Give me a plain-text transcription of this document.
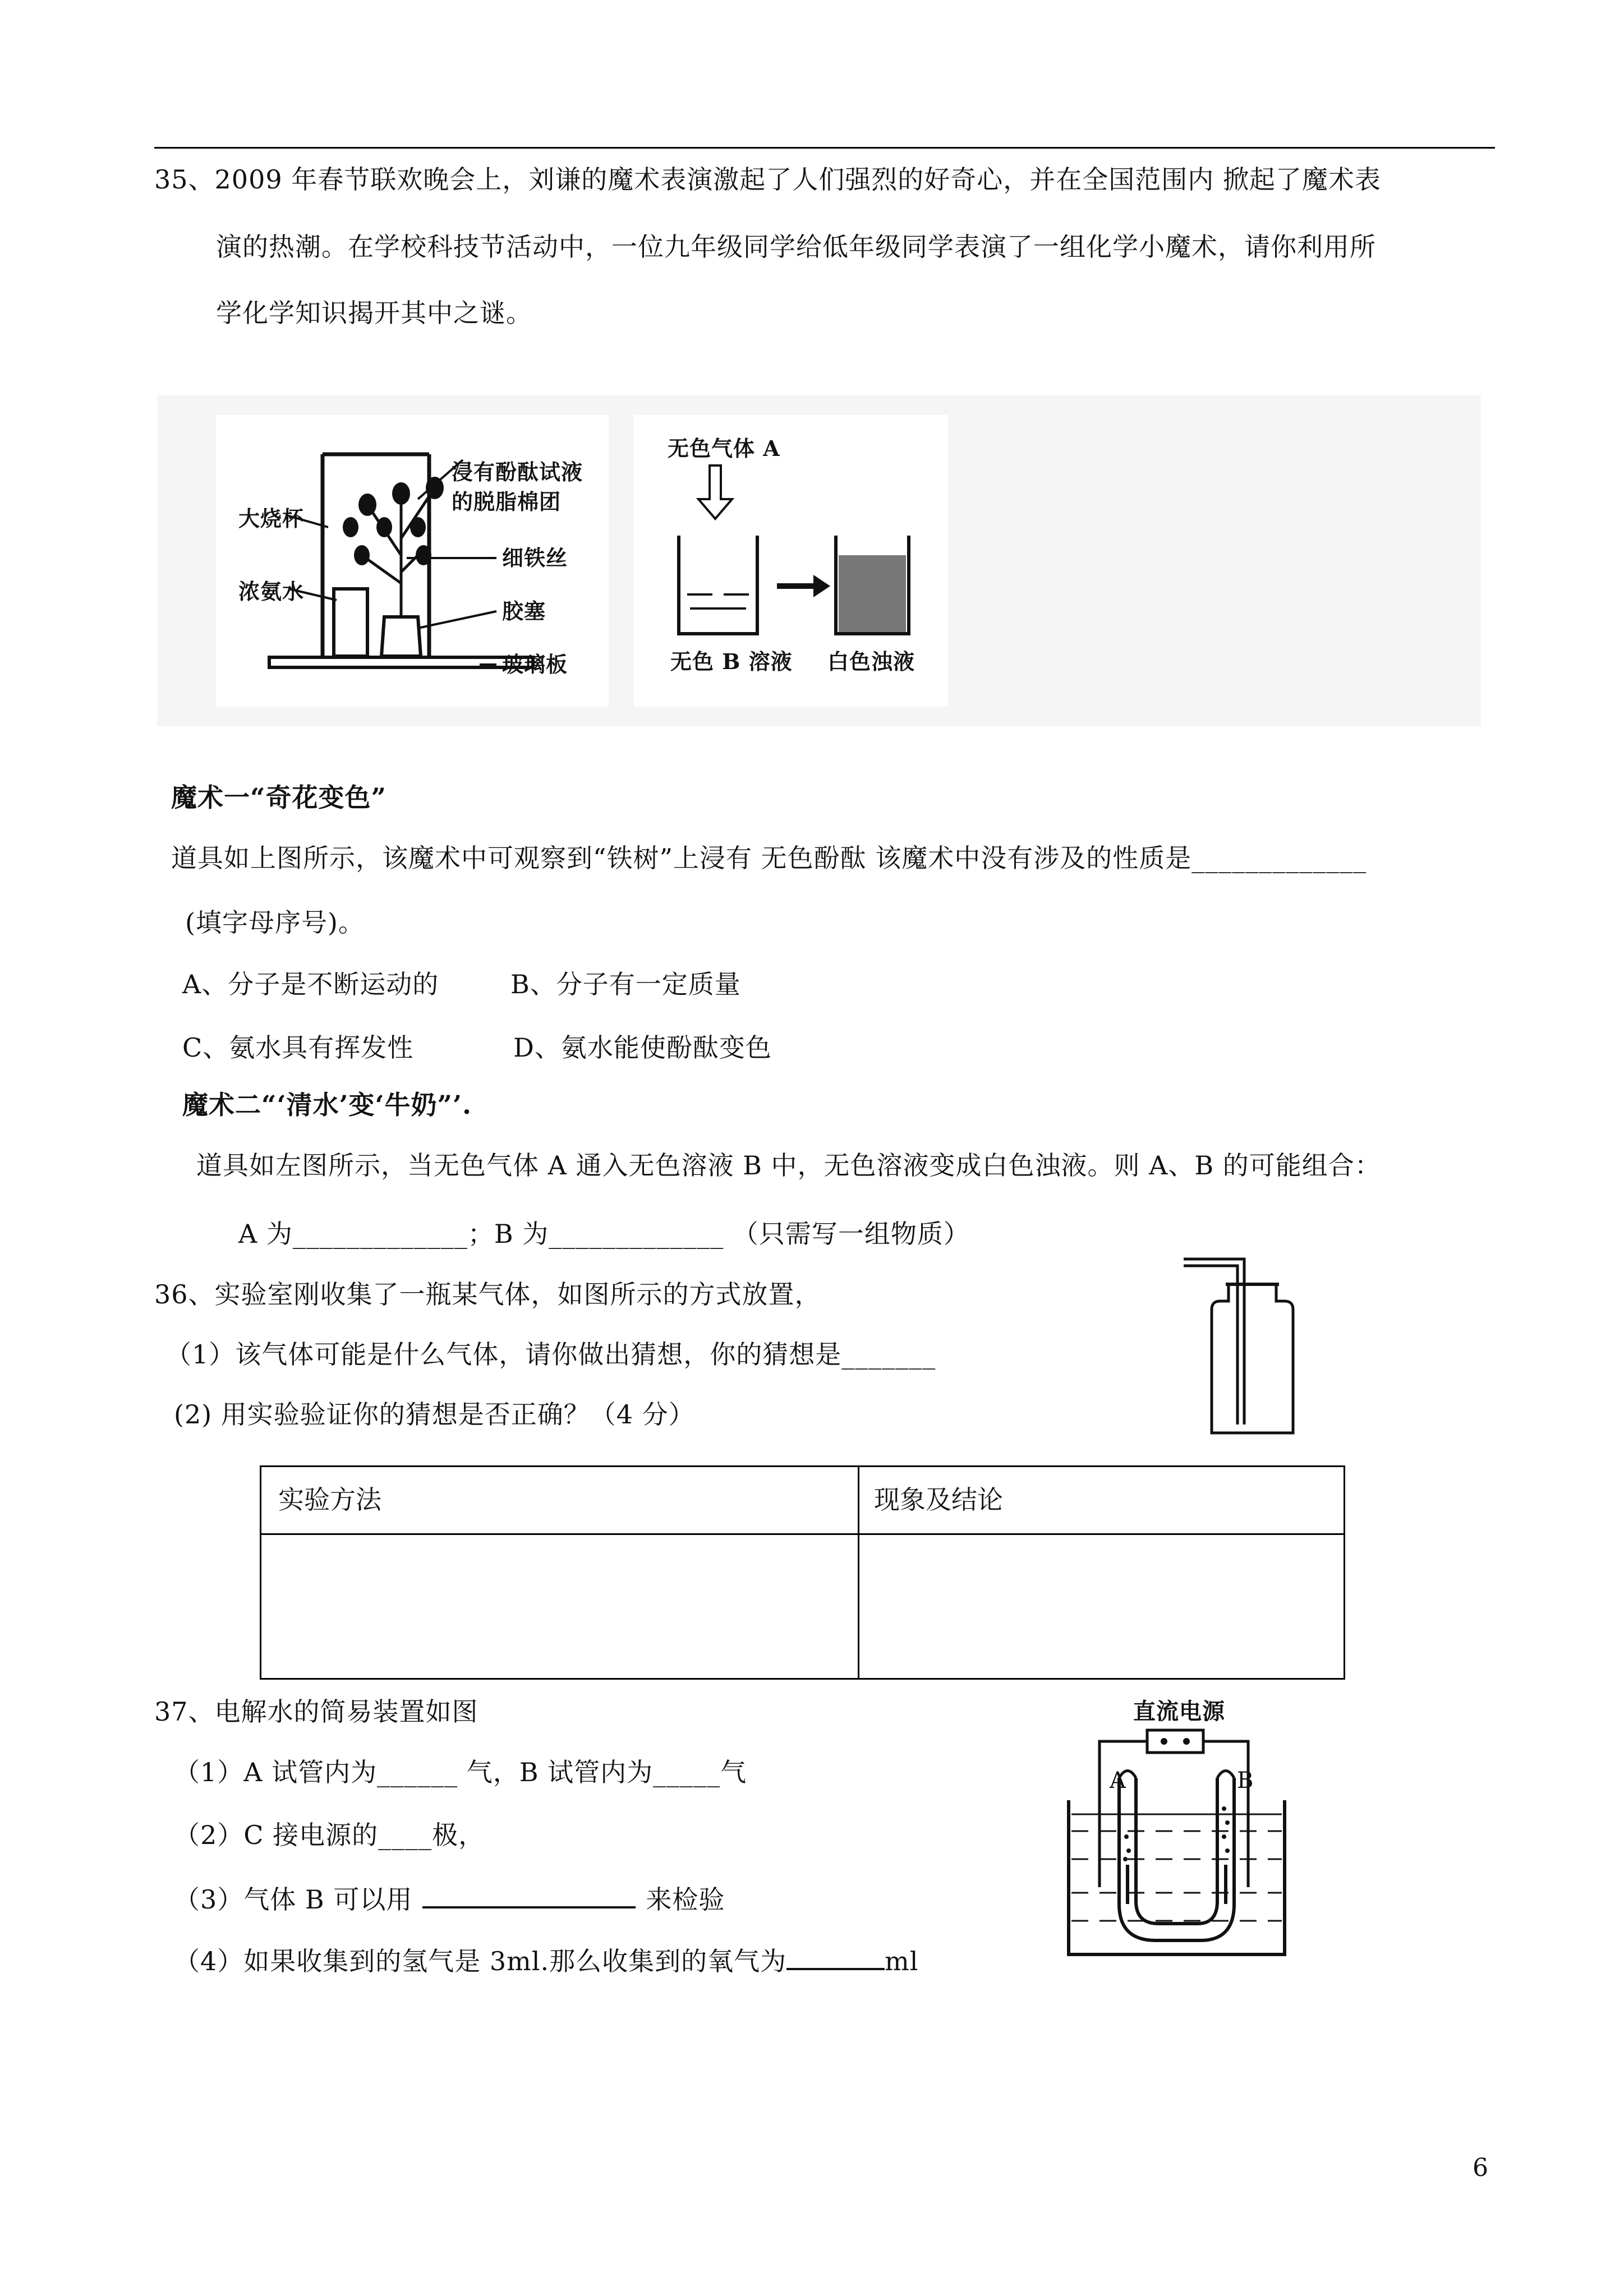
35、2009 年春节联欢晚会上，刘谦的魔术表演激起了人们强烈的好奇心，并在全国范围内 掀起了魔术表
演的热潮。在学校科技节活动中，一位九年级同学给低年级同学表演了一组化学小魔术，请你利用所
学化学知识揭开其中之谜。
大烧杯
浓氨水
浸有酚酞试液
的脱脂棉团
细铁丝
胶塞
玻璃板
无色气体 A
无色 B 溶液 白色浊液
魔术一“奇花变色”
道具如上图所示，该魔术中可观察到“铁树”上浸有 无色酚酞 该魔术中没有涉及的性质是_____________
(填字母序号)。
A、分子是不断运动的	B、分子有一定质量
C、氨水具有挥发性	D、氨水能使酚酞变色
魔术二“‘清水’变‘牛奶”’.
道具如左图所示，当无色气体 A 通入无色溶液 B 中，无色溶液变成白色浊液。则 A、B 的可能组合：
A 为_____________；B 为_____________ （只需写一组物质）
36、实验室刚收集了一瓶某气体，如图所示的方式放置，
（1）该气体可能是什么气体，请你做出猜想，你的猜想是_______
(2) 用实验验证你的猜想是否正确？（4 分）
实验方法	现象及结论
37、电解水的简易装置如图
（1）A 试管内为______ 气，B 试管内为_____气
（2）C 接电源的____极，
（3）气体 B 可以用	来检验
（4）如果收集到的氢气是 3ml.那么收集到的氧气为	ml
直流电源
A	B
6
